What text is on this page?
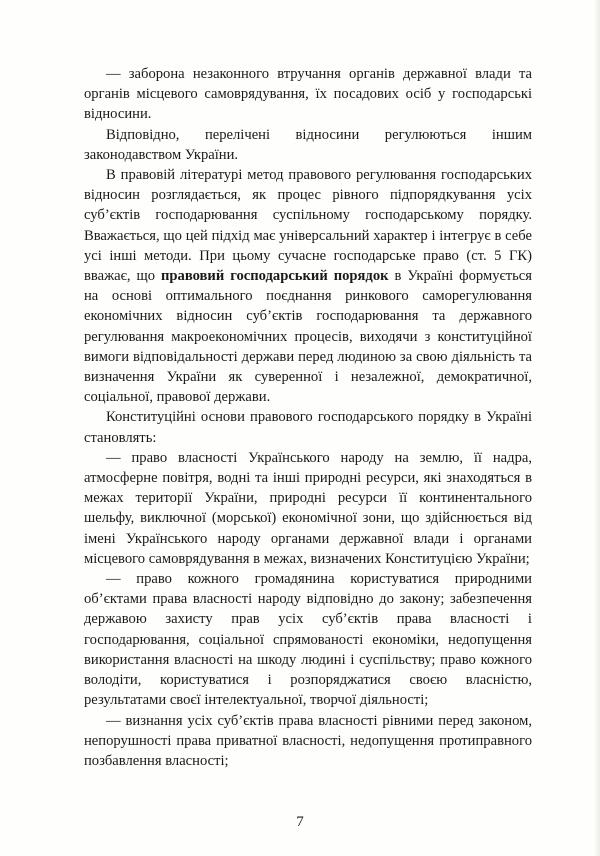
— заборона незаконного втручання органів державної влади та органів місцевого самоврядування, їх посадових осіб у господарські відносини.

Відповідно, перелічені відносини регулюються іншим законодавством України.

В правовій літературі метод правового регулювання господарських відносин розглядається, як процес рівного підпорядкування усіх суб’єктів господарювання суспільному господарському порядку. Вважається, що цей підхід має універсальний характер і інтегрує в себе усі інші методи. При цьому сучасне господарське право (ст. 5 ГК) вважає, що правовий господарський порядок в Україні формується на основі оптимального поєднання ринкового саморегулювання економічних відносин суб’єктів господарювання та державного регулювання макроекономічних процесів, виходячи з конституційної вимоги відповідальності держави перед людиною за свою діяльність та визначення України як суверенної і незалежної, демократичної, соціальної, правової держави.

Конституційні основи правового господарського порядку в Україні становлять:

— право власності Українського народу на землю, її надра, атмосферне повітря, водні та інші природні ресурси, які знаходяться в межах території України, природні ресурси її континентального шельфу, виключної (морської) економічної зони, що здійснюється від імені Українського народу органами державної влади і органами місцевого самоврядування в межах, визначених Конституцією України;

— право кожного громадянина користуватися природними об’єктами права власності народу відповідно до закону; забезпечення державою захисту прав усіх суб’єктів права власності і господарювання, соціальної спрямованості економіки, недопущення використання власності на шкоду людині і суспільству; право кожного володіти, користуватися і розпоряджатися своєю власністю, результатами своєї інтелектуальної, творчої діяльності;

— визнання усіх суб’єктів права власності рівними перед законом, непорушності права приватної власності, недопущення протиправного позбавлення власності;

7
